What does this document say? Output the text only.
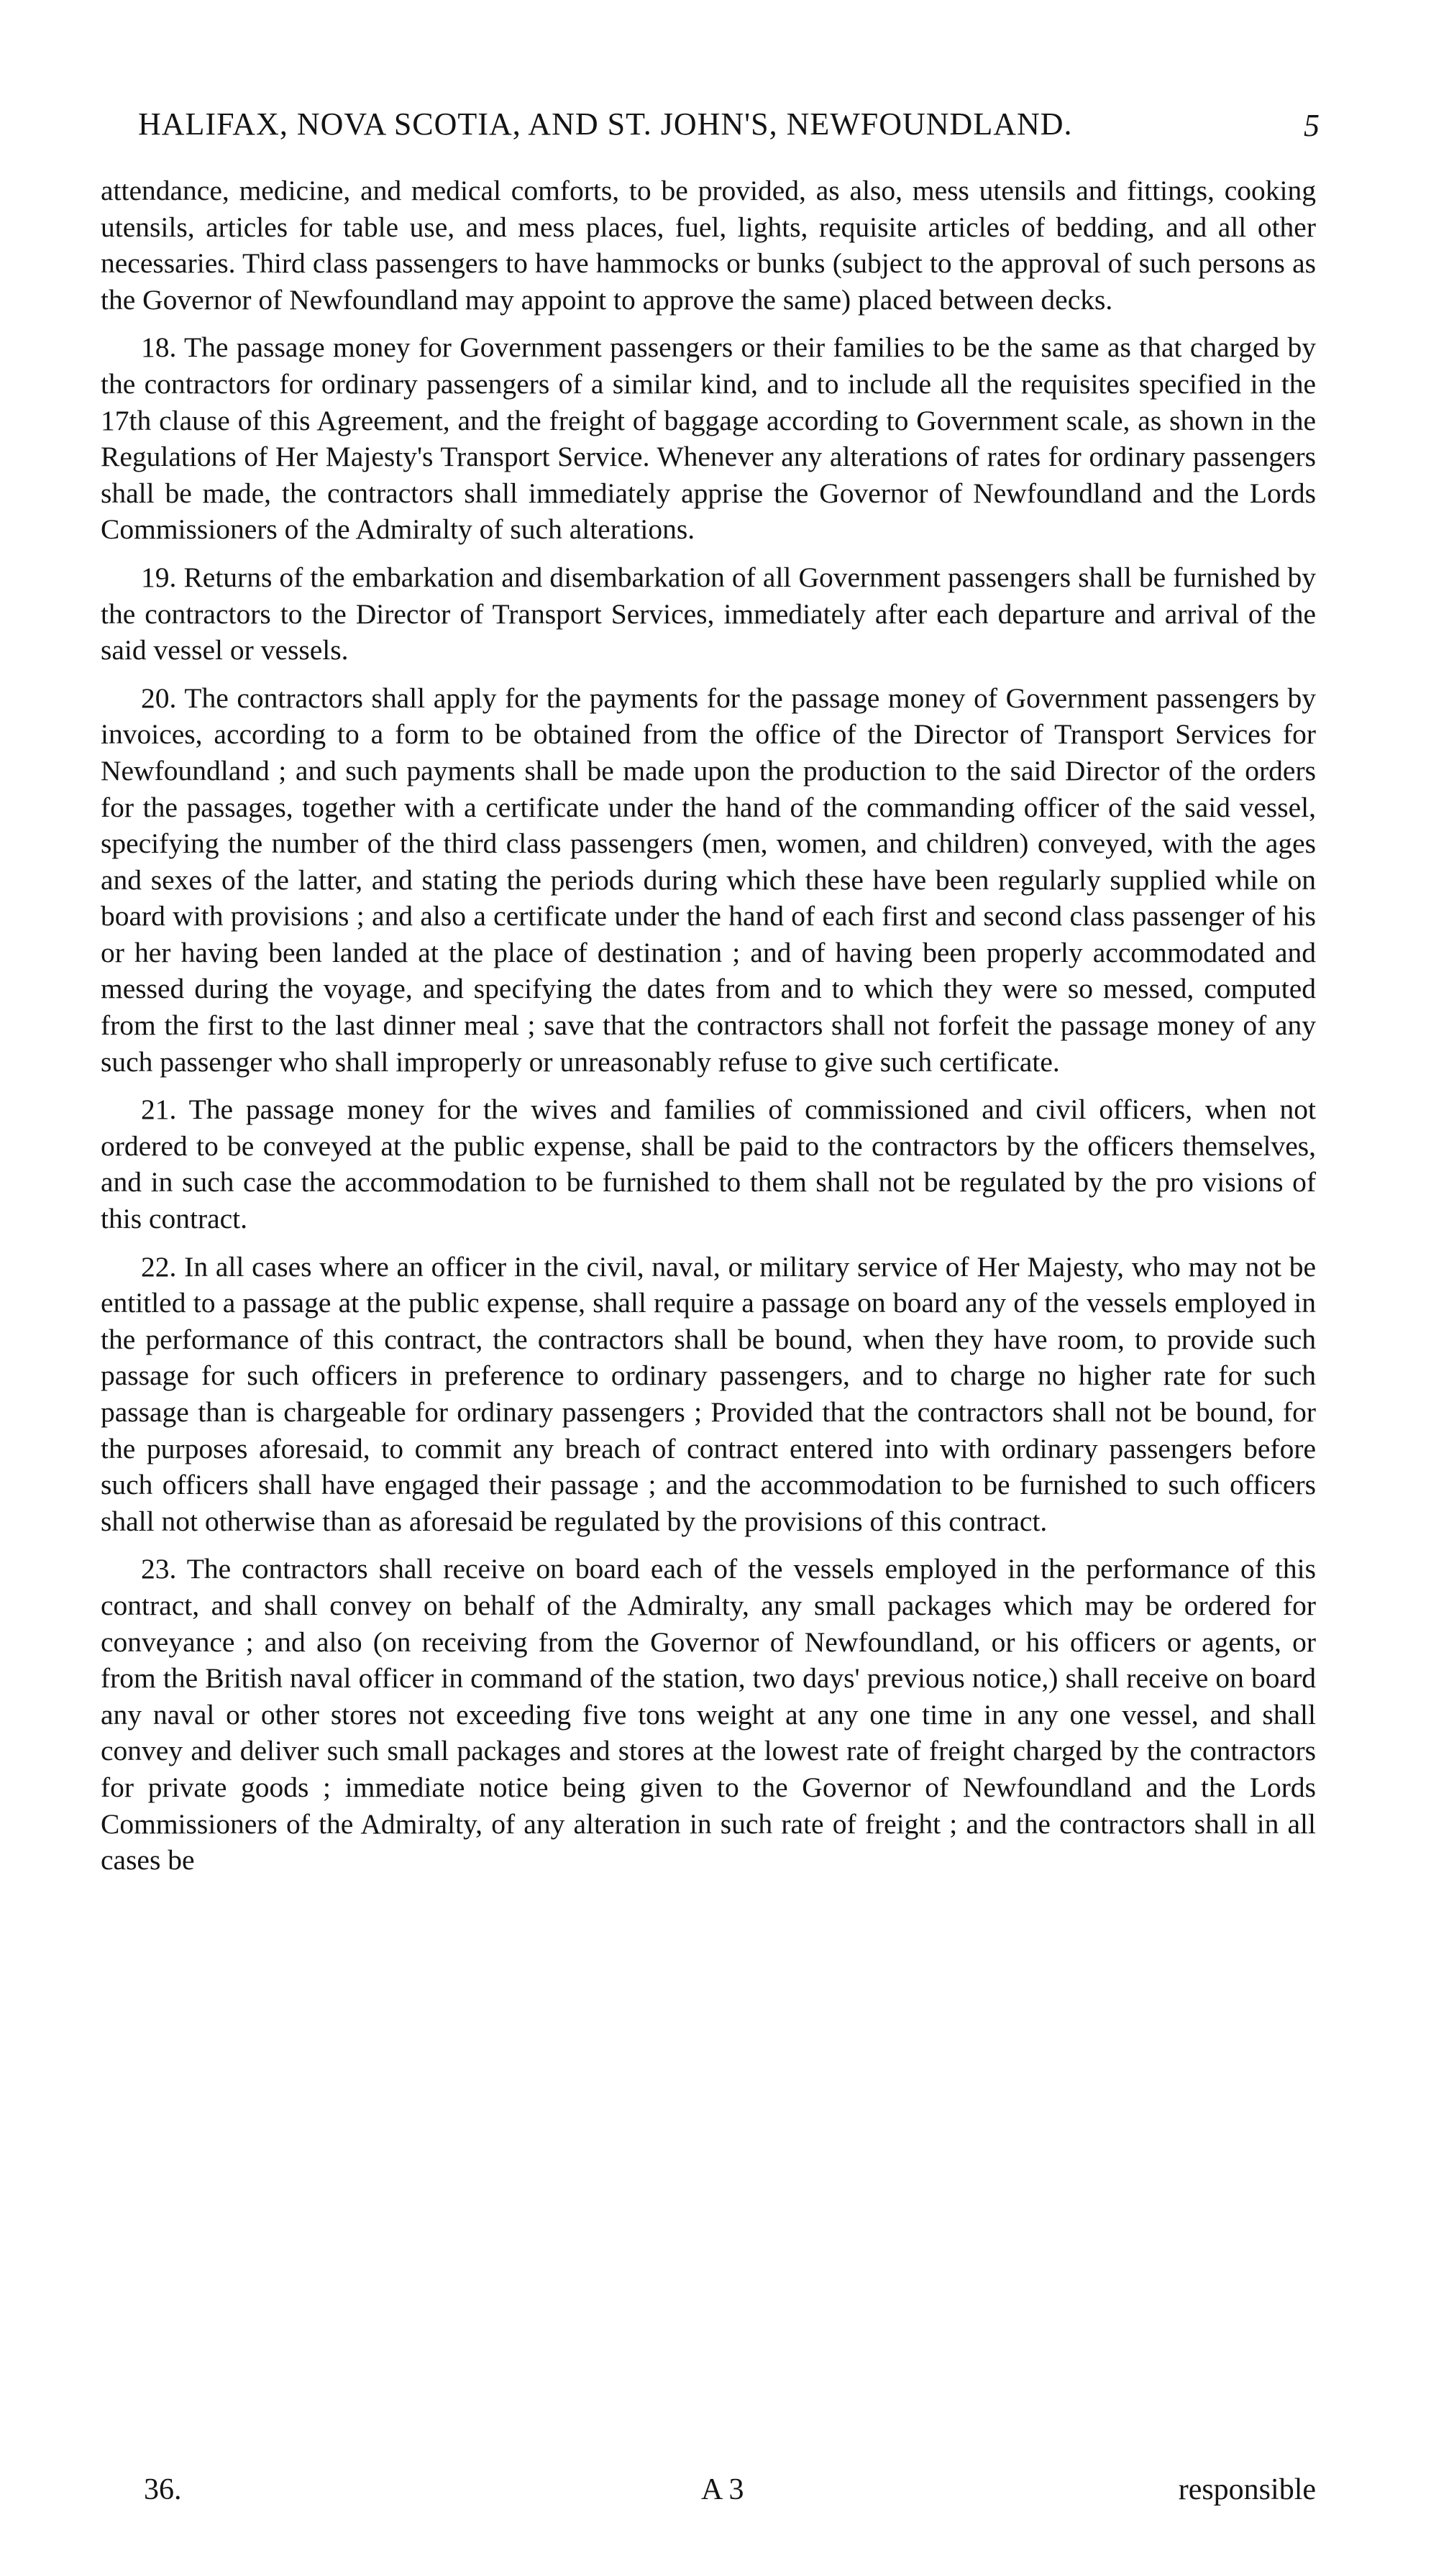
HALIFAX, NOVA SCOTIA, AND ST. JOHN'S, NEWFOUNDLAND.	5

attendance, medicine, and medical comforts, to be provided, as also, mess utensils and fittings, cooking utensils, articles for table use, and mess places, fuel, lights, requisite articles of bedding, and all other necessaries. Third class passengers to have hammocks or bunks (subject to the approval of such persons as the Governor of Newfoundland may appoint to approve the same) placed between decks.

18. The passage money for Government passengers or their families to be the same as that charged by the contractors for ordinary passengers of a similar kind, and to include all the requisites specified in the 17th clause of this Agreement, and the freight of baggage according to Government scale, as shown in the Regulations of Her Majesty's Transport Service. Whenever any alterations of rates for ordinary passengers shall be made, the contractors shall immediately apprise the Governor of Newfoundland and the Lords Commissioners of the Admiralty of such alterations.

19. Returns of the embarkation and disembarkation of all Government passengers shall be furnished by the contractors to the Director of Transport Services, immediately after each departure and arrival of the said vessel or vessels.

20. The contractors shall apply for the payments for the passage money of Government passengers by invoices, according to a form to be obtained from the office of the Director of Transport Services for Newfoundland ; and such payments shall be made upon the production to the said Director of the orders for the passages, together with a certificate under the hand of the commanding officer of the said vessel, specifying the number of the third class passengers (men, women, and children) conveyed, with the ages and sexes of the latter, and stating the periods during which these have been regularly supplied while on board with provisions ; and also a certificate under the hand of each first and second class passenger of his or her having been landed at the place of destination ; and of having been properly accommodated and messed during the voyage, and specifying the dates from and to which they were so messed, computed from the first to the last dinner meal ; save that the contractors shall not forfeit the passage money of any such passenger who shall improperly or unreasonably refuse to give such certificate.

21. The passage money for the wives and families of commissioned and civil officers, when not ordered to be conveyed at the public expense, shall be paid to the contractors by the officers themselves, and in such case the accommodation to be furnished to them shall not be regulated by the pro visions of this contract.

22. In all cases where an officer in the civil, naval, or military service of Her Majesty, who may not be entitled to a passage at the public expense, shall require a passage on board any of the vessels employed in the performance of this contract, the contractors shall be bound, when they have room, to provide such passage for such officers in preference to ordinary passengers, and to charge no higher rate for such passage than is chargeable for ordinary passengers ; Provided that the contractors shall not be bound, for the purposes aforesaid, to commit any breach of contract entered into with ordinary passengers before such officers shall have engaged their passage ; and the accommodation to be furnished to such officers shall not otherwise than as aforesaid be regulated by the provisions of this contract.

23. The contractors shall receive on board each of the vessels employed in the performance of this contract, and shall convey on behalf of the Admiralty, any small packages which may be ordered for conveyance ; and also (on receiving from the Governor of Newfoundland, or his officers or agents, or from the British naval officer in command of the station, two days' previous notice,) shall receive on board any naval or other stores not exceeding five tons weight at any one time in any one vessel, and shall convey and deliver such small packages and stores at the lowest rate of freight charged by the contractors for private goods ; immediate notice being given to the Governor of Newfoundland and the Lords Commissioners of the Admiralty, of any alteration in such rate of freight ; and the contractors shall in all cases be

36.	A 3	responsible
